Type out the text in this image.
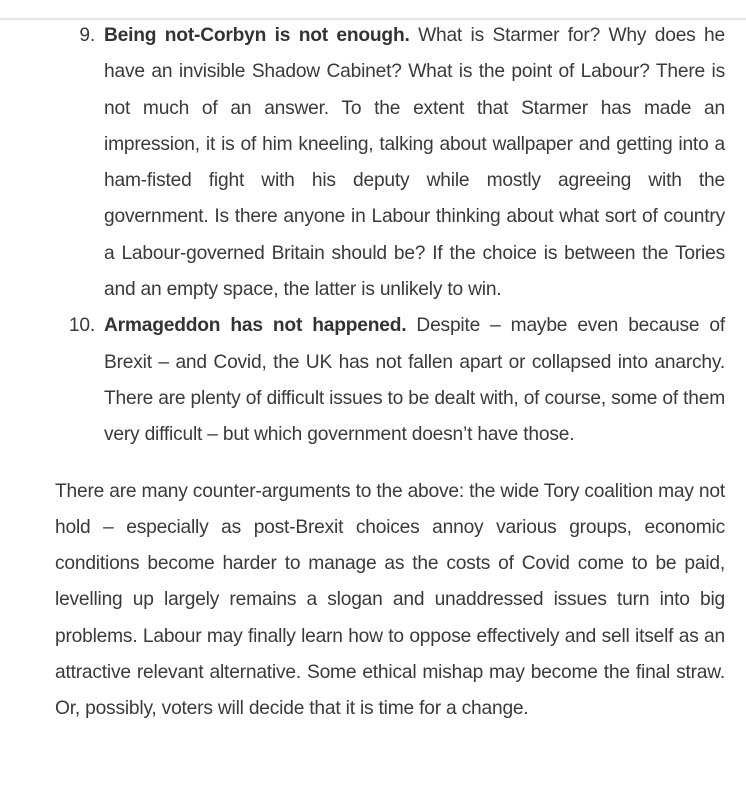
9. Being not-Corbyn is not enough. What is Starmer for? Why does he have an invisible Shadow Cabinet? What is the point of Labour? There is not much of an answer. To the extent that Starmer has made an impression, it is of him kneeling, talking about wallpaper and getting into a ham-fisted fight with his deputy while mostly agreeing with the government. Is there anyone in Labour thinking about what sort of country a Labour-governed Britain should be? If the choice is between the Tories and an empty space, the latter is unlikely to win.
10. Armageddon has not happened. Despite – maybe even because of Brexit – and Covid, the UK has not fallen apart or collapsed into anarchy. There are plenty of difficult issues to be dealt with, of course, some of them very difficult – but which government doesn’t have those.

There are many counter-arguments to the above: the wide Tory coalition may not hold – especially as post-Brexit choices annoy various groups, economic conditions become harder to manage as the costs of Covid come to be paid, levelling up largely remains a slogan and unaddressed issues turn into big problems. Labour may finally learn how to oppose effectively and sell itself as an attractive relevant alternative. Some ethical mishap may become the final straw. Or, possibly, voters will decide that it is time for a change.
